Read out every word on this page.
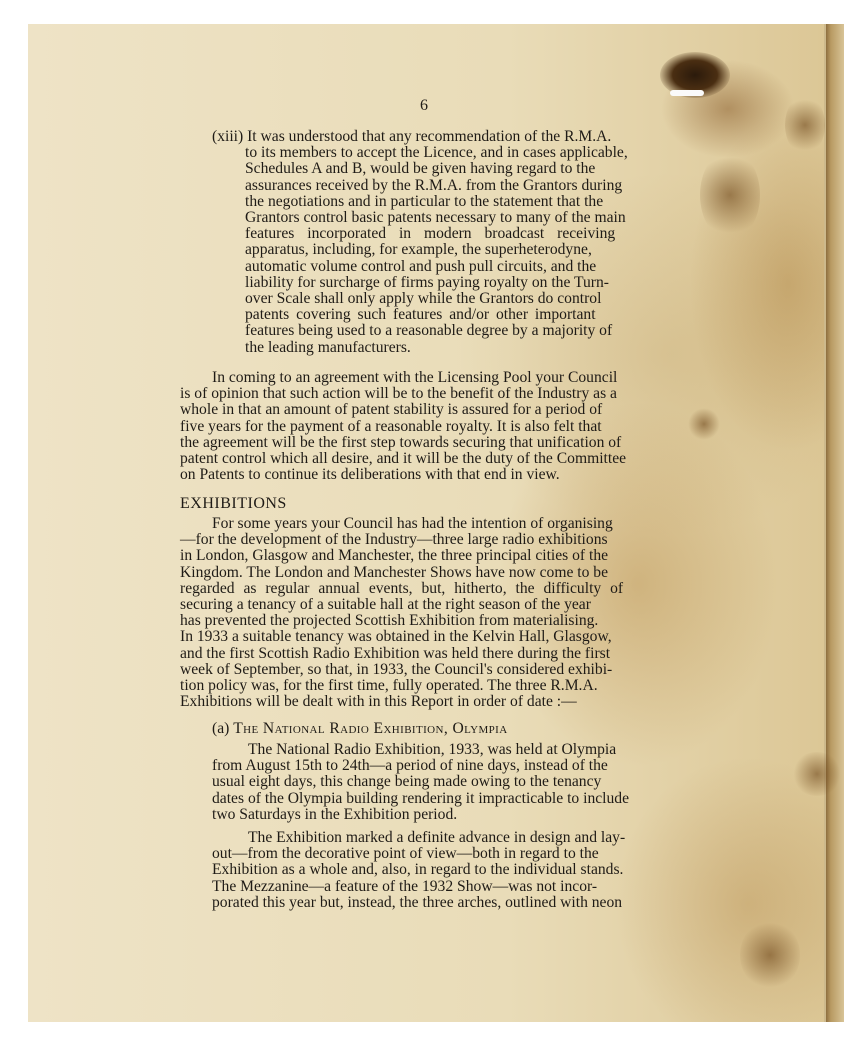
6
(xiii) It was understood that any recommendation of the R.M.A.
to its members to accept the Licence, and in cases applicable,
Schedules A and B, would be given having regard to the
assurances received by the R.M.A. from the Grantors during
the negotiations and in particular to the statement that the
Grantors control basic patents necessary to many of the main
features incorporated in modern broadcast receiving
apparatus, including, for example, the superheterodyne,
automatic volume control and push pull circuits, and the
liability for surcharge of firms paying royalty on the Turn-
over Scale shall only apply while the Grantors do control
patents covering such features and/or other important
features being used to a reasonable degree by a majority of
the leading manufacturers.
In coming to an agreement with the Licensing Pool your Council
is of opinion that such action will be to the benefit of the Industry as a
whole in that an amount of patent stability is assured for a period of
five years for the payment of a reasonable royalty. It is also felt that
the agreement will be the first step towards securing that unification of
patent control which all desire, and it will be the duty of the Committee
on Patents to continue its deliberations with that end in view.
EXHIBITIONS
For some years your Council has had the intention of organising
—for the development of the Industry—three large radio exhibitions
in London, Glasgow and Manchester, the three principal cities of the
Kingdom. The London and Manchester Shows have now come to be
regarded as regular annual events, but, hitherto, the difficulty of
securing a tenancy of a suitable hall at the right season of the year
has prevented the projected Scottish Exhibition from materialising.
In 1933 a suitable tenancy was obtained in the Kelvin Hall, Glasgow,
and the first Scottish Radio Exhibition was held there during the first
week of September, so that, in 1933, the Council's considered exhibi-
tion policy was, for the first time, fully operated. The three R.M.A.
Exhibitions will be dealt with in this Report in order of date :—
(a) The National Radio Exhibition, Olympia
The National Radio Exhibition, 1933, was held at Olympia
from August 15th to 24th—a period of nine days, instead of the
usual eight days, this change being made owing to the tenancy
dates of the Olympia building rendering it impracticable to include
two Saturdays in the Exhibition period.
The Exhibition marked a definite advance in design and lay-
out—from the decorative point of view—both in regard to the
Exhibition as a whole and, also, in regard to the individual stands.
The Mezzanine—a feature of the 1932 Show—was not incor-
porated this year but, instead, the three arches, outlined with neon
